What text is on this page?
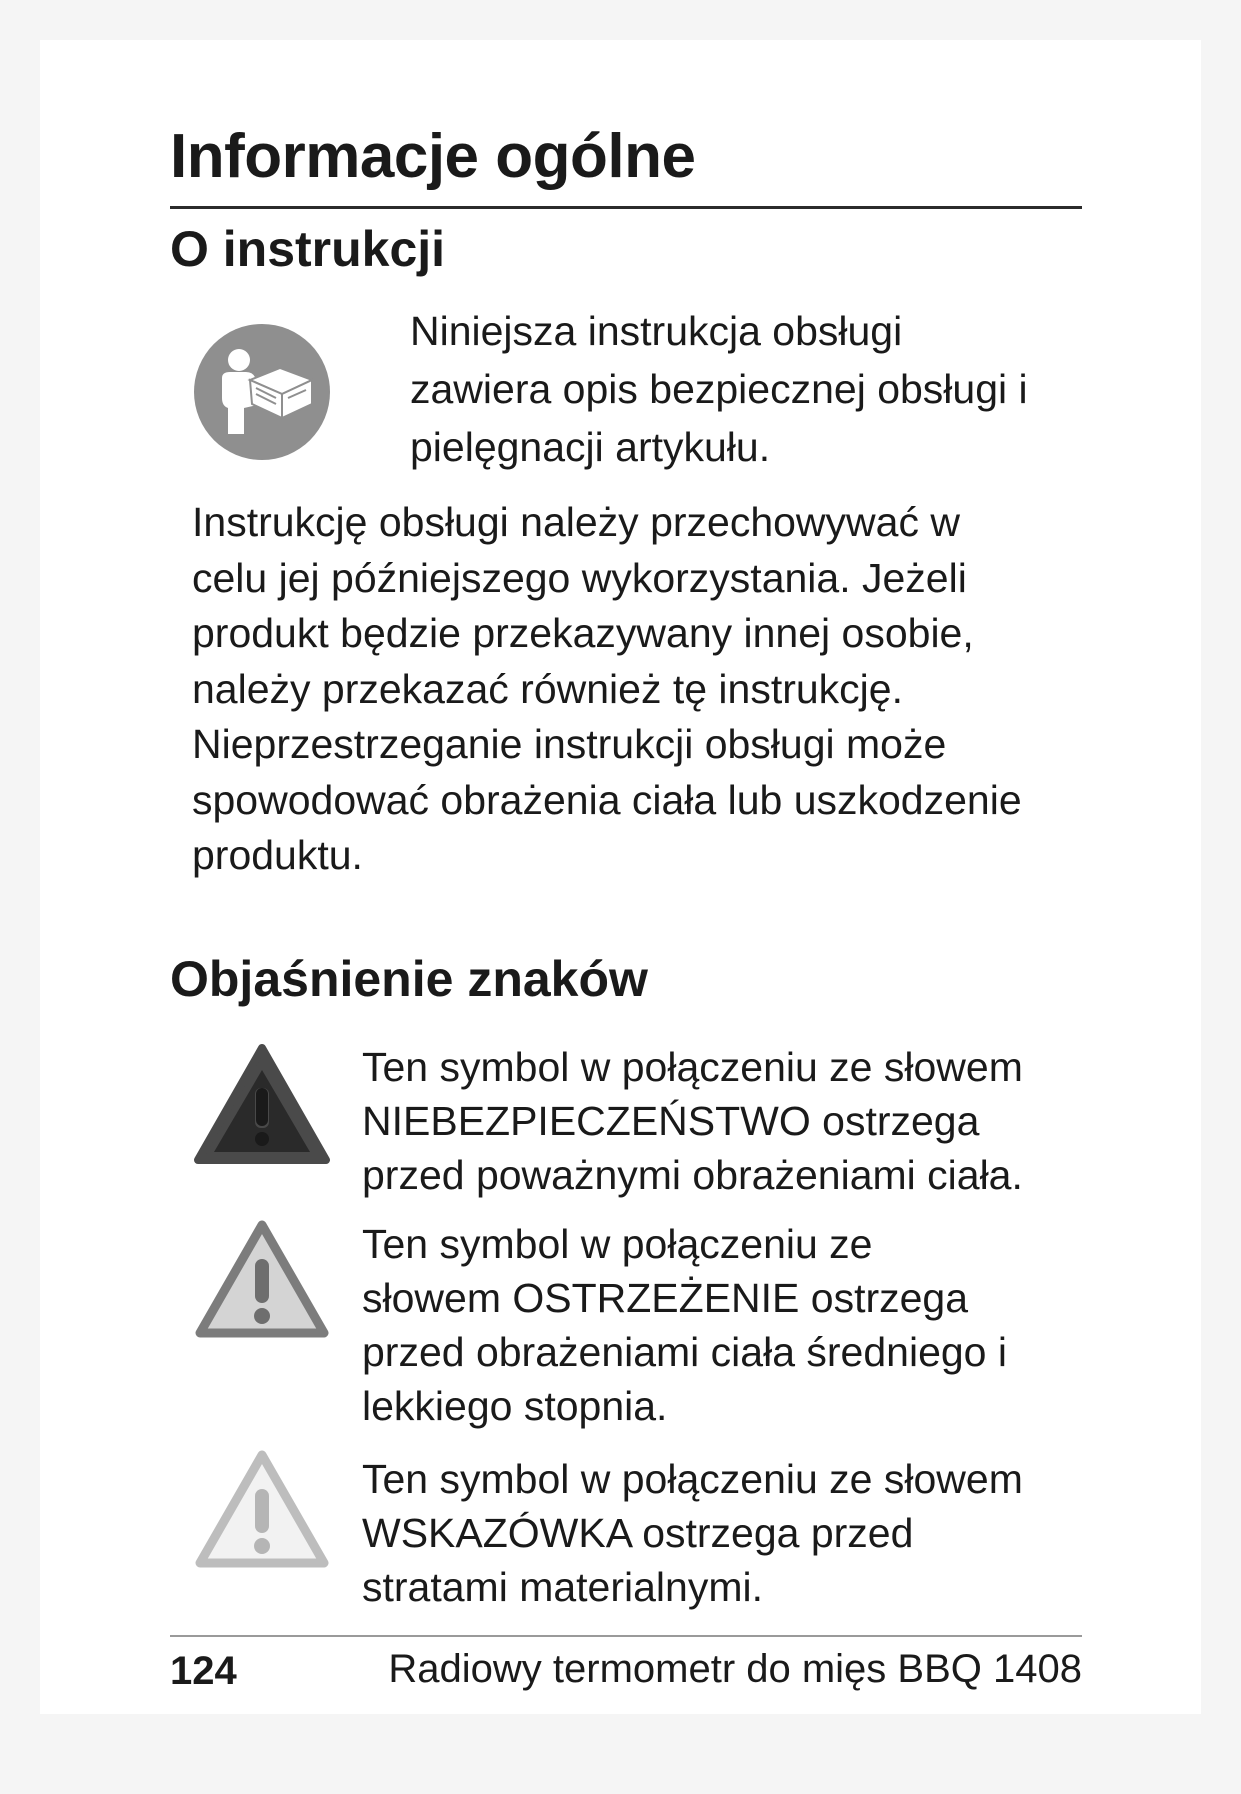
Informacje ogólne
O instrukcji
Niniejsza instrukcja obsługi
zawiera opis bezpiecznej obsługi i
pielęgnacji artykułu.
Instrukcję obsługi należy przechowywać w
celu jej późniejszego wykorzystania. Jeżeli
produkt będzie przekazywany innej osobie,
należy przekazać również tę instrukcję.
Nieprzestrzeganie instrukcji obsługi może
spowodować obrażenia ciała lub uszkodzenie
produktu.
Objaśnienie znaków
Ten symbol w połączeniu ze słowem
NIEBEZPIECZEŃSTWO ostrzega
przed poważnymi obrażeniami ciała.
Ten symbol w połączeniu ze
słowem OSTRZEŻENIE ostrzega
przed obrażeniami ciała średniego i
lekkiego stopnia.
Ten symbol w połączeniu ze słowem
WSKAZÓWKA ostrzega przed
stratami materialnymi.
124	Radiowy termometr do mięs BBQ 1408
